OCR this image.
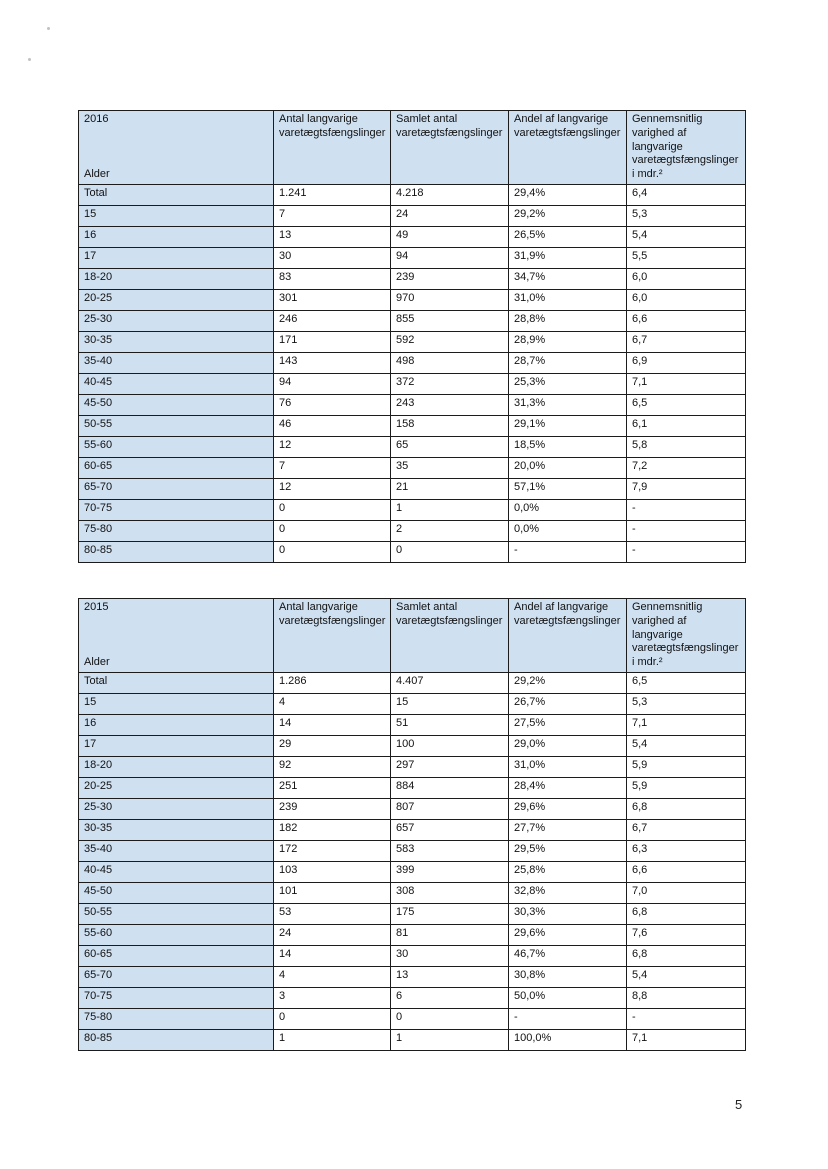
2016
Alder	Antal langvarige varetægtsfængslinger	Samlet antal varetægtsfængslinger	Andel af langvarige varetægtsfængslinger	Gennemsnitlig varighed af langvarige varetægtsfængslinger i mdr.²
Total	1.241	4.218	29,4%	6,4
15	7	24	29,2%	5,3
16	13	49	26,5%	5,4
17	30	94	31,9%	5,5
18-20	83	239	34,7%	6,0
20-25	301	970	31,0%	6,0
25-30	246	855	28,8%	6,6
30-35	171	592	28,9%	6,7
35-40	143	498	28,7%	6,9
40-45	94	372	25,3%	7,1
45-50	76	243	31,3%	6,5
50-55	46	158	29,1%	6,1
55-60	12	65	18,5%	5,8
60-65	7	35	20,0%	7,2
65-70	12	21	57,1%	7,9
70-75	0	1	0,0%	-
75-80	0	2	0,0%	-
80-85	0	0	-	-
2015
Alder	Antal langvarige varetægtsfængslinger	Samlet antal varetægtsfængslinger	Andel af langvarige varetægtsfængslinger	Gennemsnitlig varighed af langvarige varetægtsfængslinger i mdr.²
Total	1.286	4.407	29,2%	6,5
15	4	15	26,7%	5,3
16	14	51	27,5%	7,1
17	29	100	29,0%	5,4
18-20	92	297	31,0%	5,9
20-25	251	884	28,4%	5,9
25-30	239	807	29,6%	6,8
30-35	182	657	27,7%	6,7
35-40	172	583	29,5%	6,3
40-45	103	399	25,8%	6,6
45-50	101	308	32,8%	7,0
50-55	53	175	30,3%	6,8
55-60	24	81	29,6%	7,6
60-65	14	30	46,7%	6,8
65-70	4	13	30,8%	5,4
70-75	3	6	50,0%	8,8
75-80	0	0	-	-
80-85	1	1	100,0%	7,1
5
